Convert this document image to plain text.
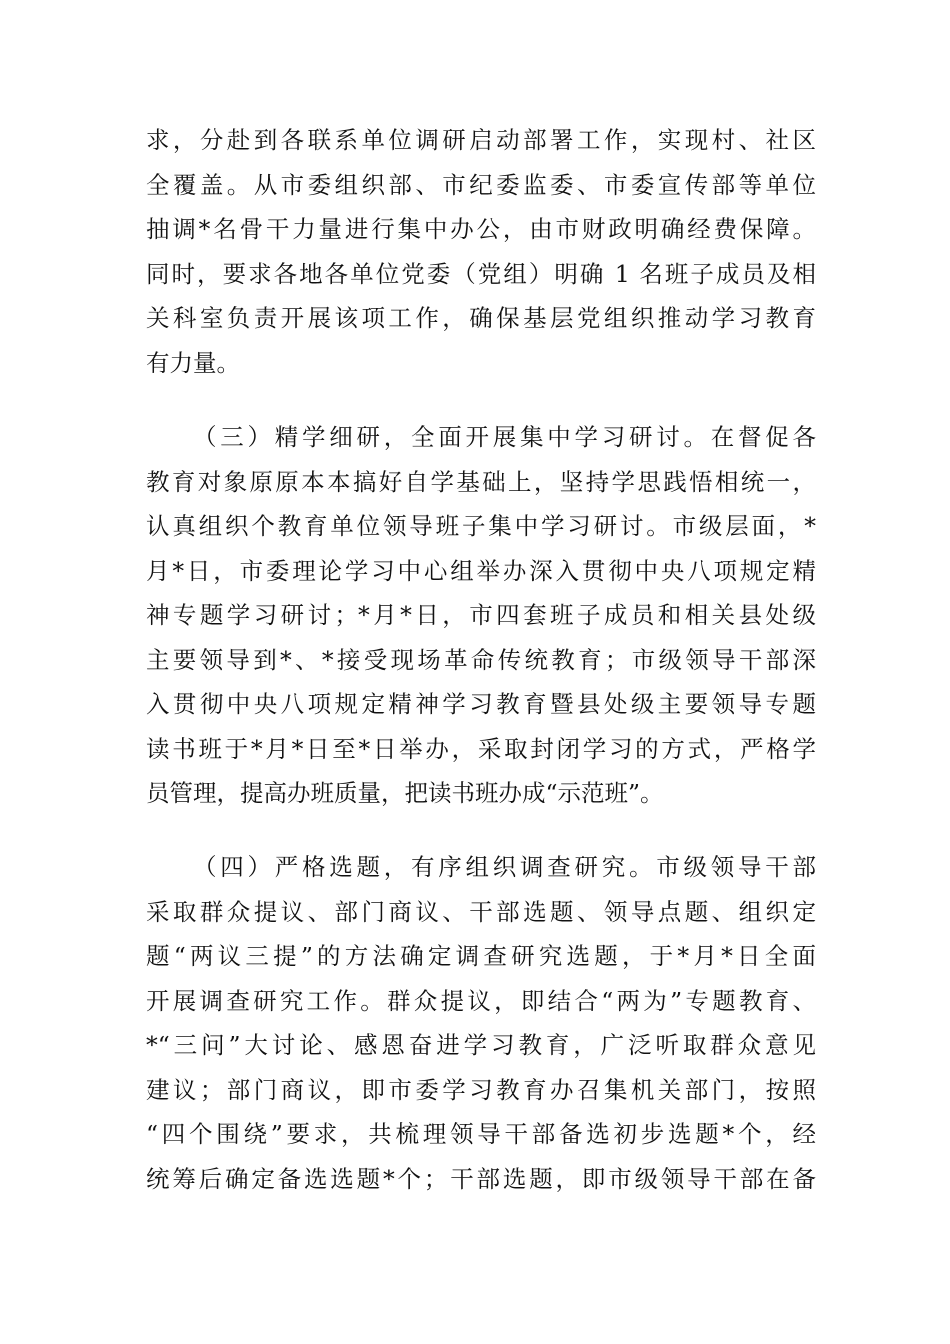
求，分赴到各联系单位调研启动部署工作，实现村、社区
全覆盖。从市委组织部、市纪委监委、市委宣传部等单位
抽调*名骨干力量进行集中办公，由市财政明确经费保障。
同时，要求各地各单位党委（党组）明确 1 名班子成员及相
关科室负责开展该项工作，确保基层党组织推动学习教育
有力量。
（三）精学细研，全面开展集中学习研讨。在督促各
教育对象原原本本搞好自学基础上，坚持学思践悟相统一，
认真组织个教育单位领导班子集中学习研讨。市级层面，*
月*日，市委理论学习中心组举办深入贯彻中央八项规定精
神专题学习研讨；*月*日，市四套班子成员和相关县处级
主要领导到*、*接受现场革命传统教育；市级领导干部深
入贯彻中央八项规定精神学习教育暨县处级主要领导专题
读书班于*月*日至*日举办，采取封闭学习的方式，严格学
员管理，提高办班质量，把读书班办成“示范班”。
（四）严格选题，有序组织调查研究。市级领导干部
采取群众提议、部门商议、干部选题、领导点题、组织定
题“两议三提”的方法确定调查研究选题，于*月*日全面
开展调查研究工作。群众提议，即结合“两为”专题教育、
*“三问”大讨论、感恩奋进学习教育，广泛听取群众意见
建议；部门商议，即市委学习教育办召集机关部门，按照
“四个围绕”要求，共梳理领导干部备选初步选题*个，经
统筹后确定备选选题*个；干部选题，即市级领导干部在备
